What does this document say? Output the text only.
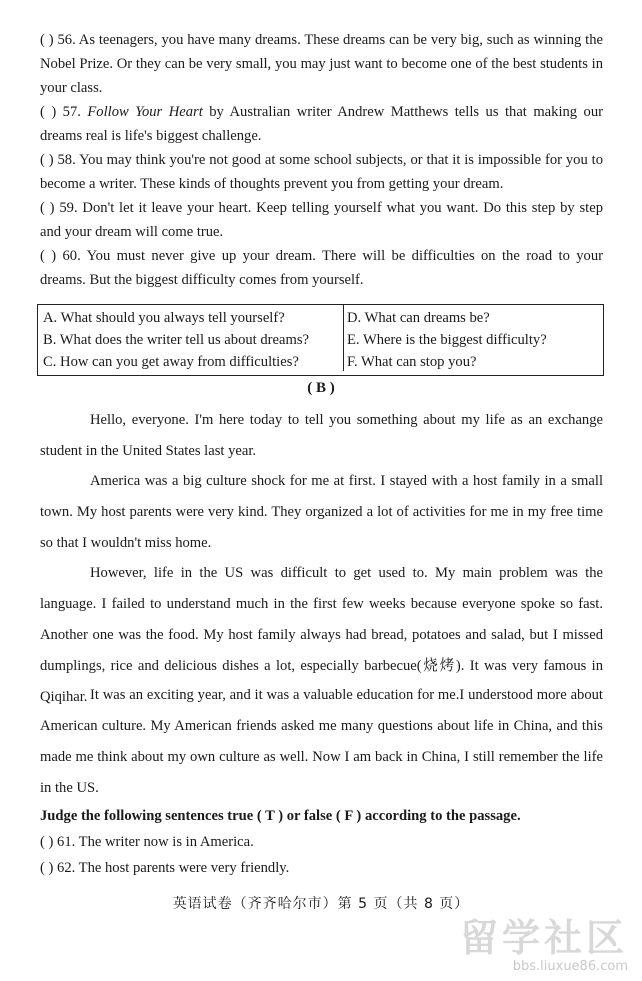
( ) 56. As teenagers, you have many dreams. These dreams can be very big, such as winning the Nobel Prize. Or they can be very small, you may just want to become one of the best students in your class.
( ) 57. Follow Your Heart by Australian writer Andrew Matthews tells us that making our dreams real is life's biggest challenge.
( ) 58. You may think you're not good at some school subjects, or that it is impossible for you to become a writer. These kinds of thoughts prevent you from getting your dream.
( ) 59. Don't let it leave your heart. Keep telling yourself what you want. Do this step by step and your dream will come true.
( ) 60. You must never give up your dream. There will be difficulties on the road to your dreams. But the biggest difficulty comes from yourself.
A. What should you always tell yourself?
B. What does the writer tell us about dreams?
C. How can you get away from difficulties?
D. What can dreams be?
E. Where is the biggest difficulty?
F. What can stop you?
( B )
Hello, everyone. I'm here today to tell you something about my life as an exchange student in the United States last year.
America was a big culture shock for me at first. I stayed with a host family in a small town. My host parents were very kind. They organized a lot of activities for me in my free time so that I wouldn't miss home.
However, life in the US was difficult to get used to. My main problem was the language. I failed to understand much in the first few weeks because everyone spoke so fast. Another one was the food. My host family always had bread, potatoes and salad, but I missed dumplings, rice and delicious dishes a lot, especially barbecue(烧烤). It was very famous in Qiqihar. It was an exciting year, and it was a valuable education for me.I understood more about American culture. My American friends asked me many questions about life in China, and this made me think about my own culture as well. Now I am back in China, I still remember the life in the US.
Judge the following sentences true ( T ) or false ( F ) according to the passage.
( ) 61. The writer now is in America.
( ) 62. The host parents were very friendly.
英语试卷（齐齐哈尔市）第 5 页（共 8 页）
留学社区
bbs.liuxue86.com
